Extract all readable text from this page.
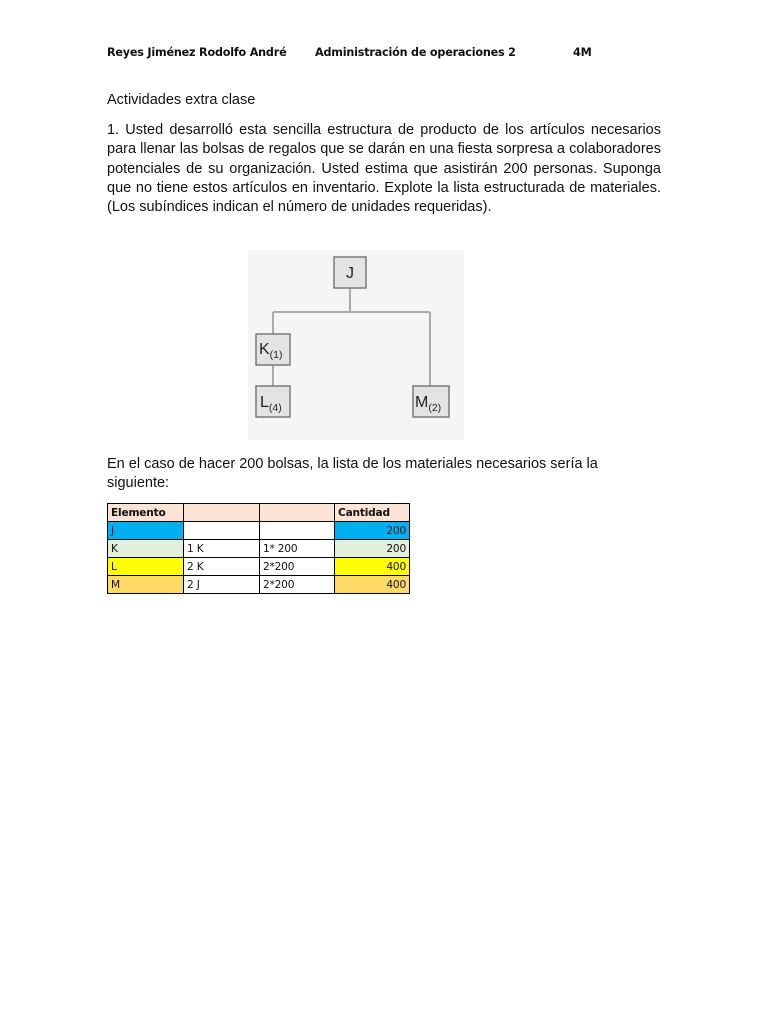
Reyes Jiménez Rodolfo André	Administración de operaciones 2	4M
Actividades extra clase

1. Usted desarrolló esta sencilla estructura de producto de los artículos necesarios para llenar las bolsas de regalos que se darán en una fiesta sorpresa a colaboradores potenciales de su organización. Usted estima que asistirán 200 personas. Suponga que no tiene estos artículos en inventario. Explote la lista estructurada de materiales. (Los subíndices indican el número de unidades requeridas).

J
$K_{(1)}$
$L_{(4)}$	$M_{(2)}$

En el caso de hacer 200 bolsas, la lista de los materiales necesarios sería la siguiente:

Elemento			Cantidad
J			200
K	1 K	1* 200	200
L	2 K	2*200	400
M	2 J	2*200	400
